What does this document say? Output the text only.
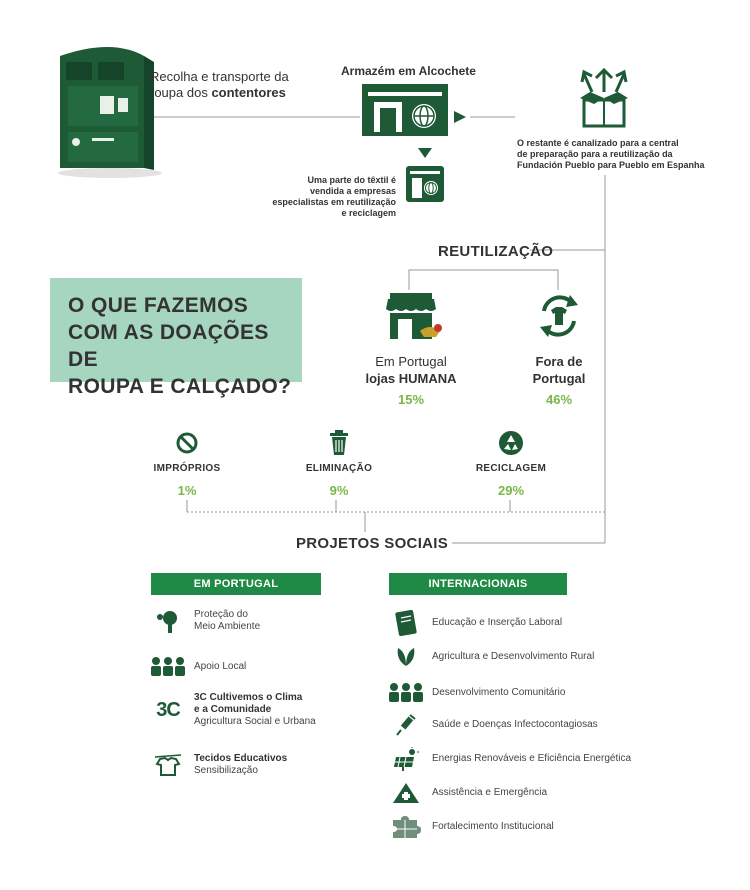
Recolha e transporte da
roupa dos contentores
Armazém em Alcochete
O restante é canalizado para a central
de preparação para a reutilização da
Fundación Pueblo para Pueblo em Espanha
Uma parte do têxtil é
vendida a empresas
especialistas em reutilização
e reciclagem
REUTILIZAÇÃO
O QUE FAZEMOS
COM AS DOAÇÕES DE
ROUPA E CALÇADO?
Em Portugal
lojas HUMANA
15%
Fora de
Portugal
46%
IMPRÓPRIOS
1%
ELIMINAÇÃO
9%
RECICLAGEM
29%
PROJETOS SOCIAIS
EM PORTUGAL	INTERNACIONAIS
Proteção do
Meio Ambiente
Apoio Local
3C
3C Cultivemos o Clima
e a Comunidade
Agricultura Social e Urbana
Tecidos Educativos
Sensibilização
Educação e Inserção Laboral
Agricultura e Desenvolvimento Rural
Desenvolvimento Comunitário
Saúde e Doenças Infectocontagiosas
Energias Renováveis e Eficiência Energética
Assistência e Emergência
Fortalecimento Institucional
